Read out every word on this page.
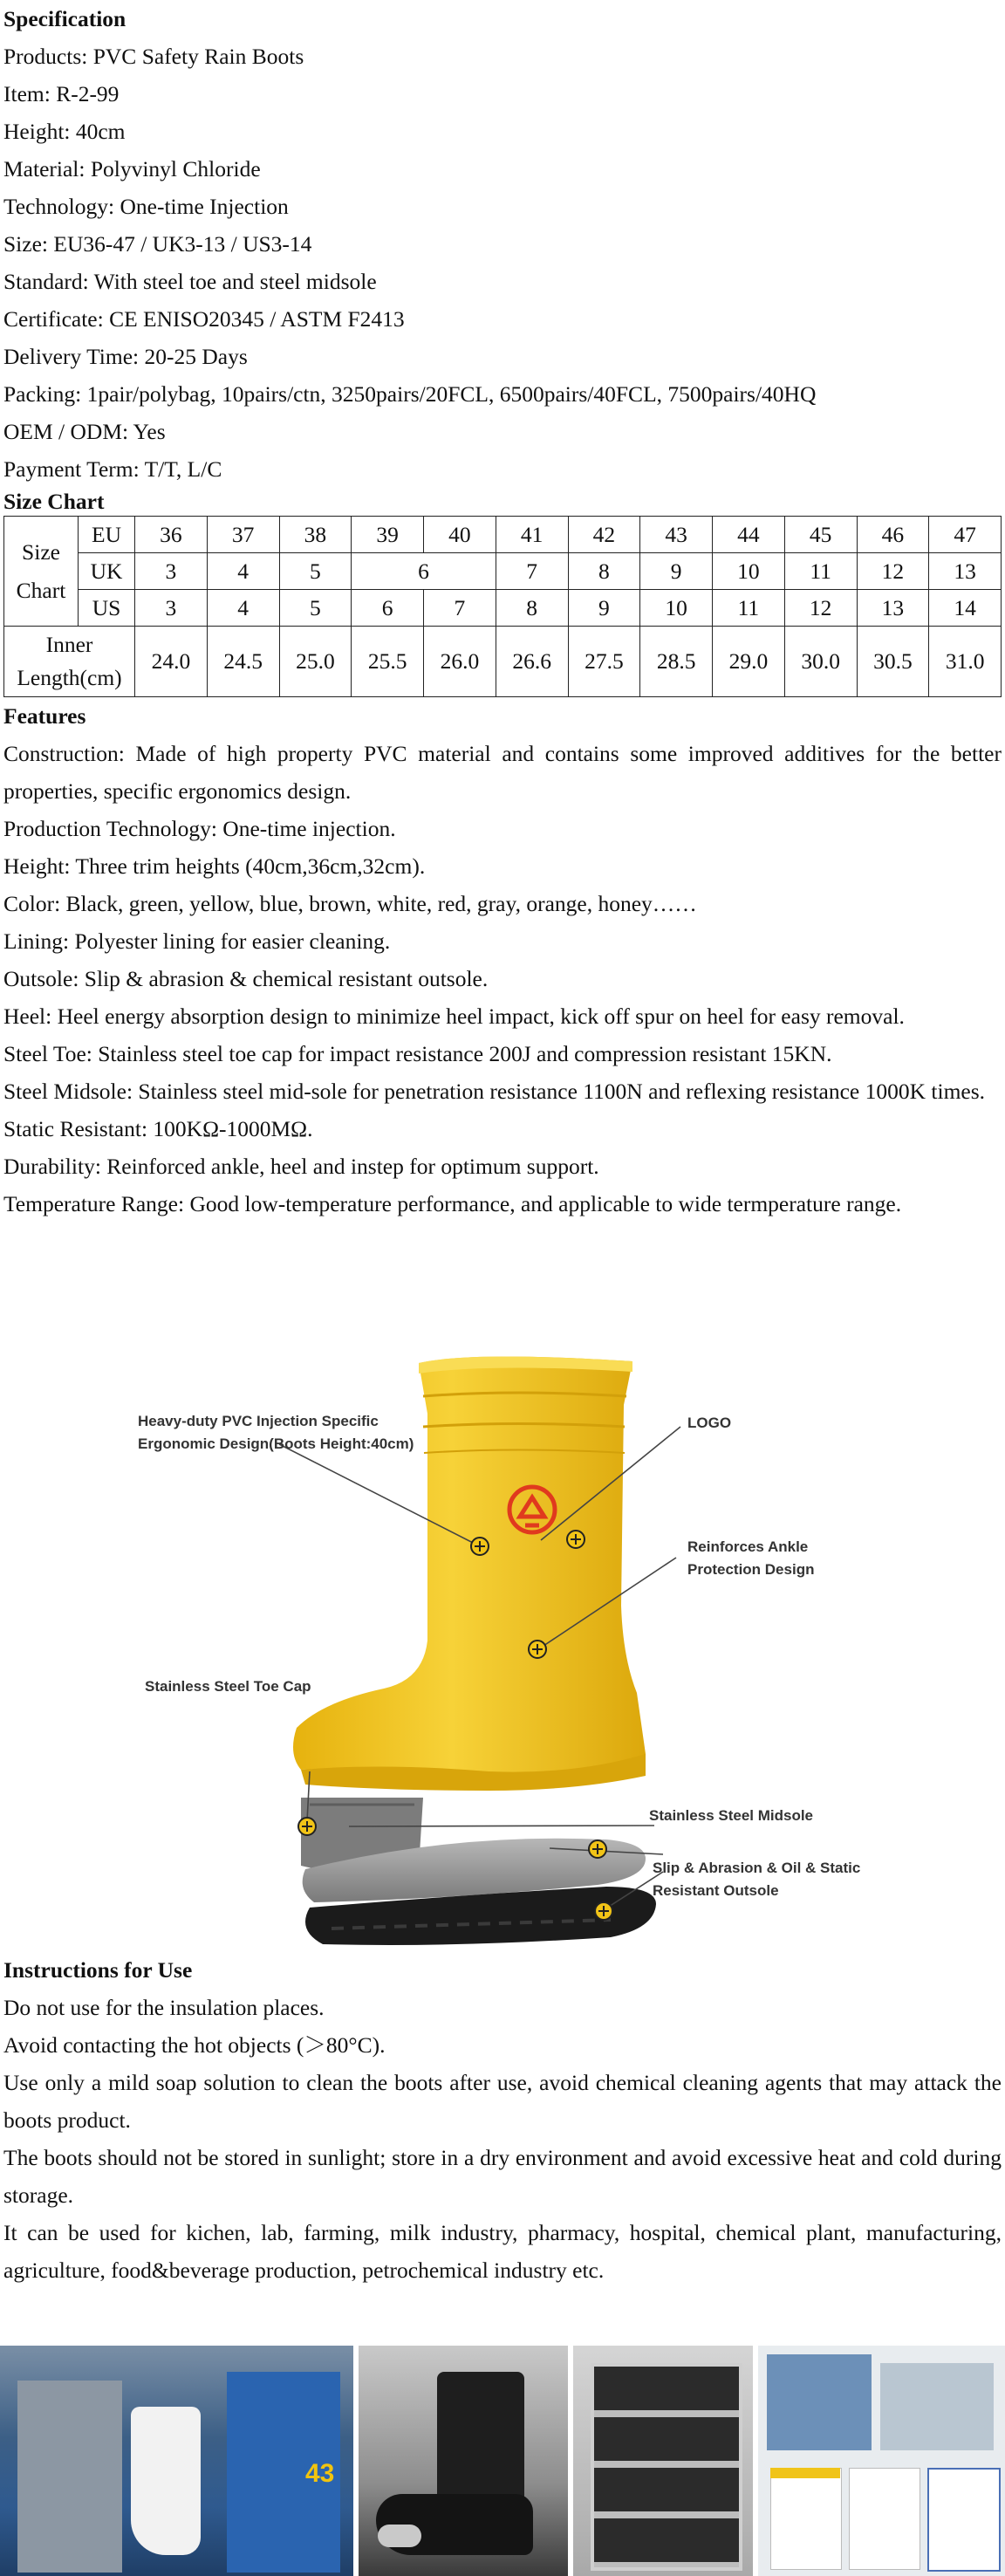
Specification
Products: PVC Safety Rain Boots
Item: R-2-99
Height: 40cm
Material: Polyvinyl Chloride
Technology: One-time Injection
Size: EU36-47 / UK3-13 / US3-14
Standard: With steel toe and steel midsole
Certificate: CE ENISO20345 / ASTM F2413
Delivery Time: 20-25 Days
Packing: 1pair/polybag, 10pairs/ctn, 3250pairs/20FCL, 6500pairs/40FCL, 7500pairs/40HQ
OEM / ODM: Yes
Payment Term: T/T, L/C
Size Chart
Size Chart	EU	36	37	38	39	40	41	42	43	44	45	46	47
	UK	3	4	5	6		7	8	9	10	11	12	13
	US	3	4	5	6	7	8	9	10	11	12	13	14
Inner Length(cm)		24.0	24.5	25.0	25.5	26.0	26.6	27.5	28.5	29.0	30.0	30.5	31.0
Features
Construction: Made of high property PVC material and contains some improved additives for the better properties, specific ergonomics design.
Production Technology: One-time injection.
Height: Three trim heights (40cm,36cm,32cm).
Color: Black, green, yellow, blue, brown, white, red, gray, orange, honey……
Lining: Polyester lining for easier cleaning.
Outsole: Slip & abrasion & chemical resistant outsole.
Heel: Heel energy absorption design to minimize heel impact, kick off spur on heel for easy removal.
Steel Toe: Stainless steel toe cap for impact resistance 200J and compression resistant 15KN.
Steel Midsole: Stainless steel mid-sole for penetration resistance 1100N and reflexing resistance 1000K times.
Static Resistant: 100KΩ-1000MΩ.
Durability: Reinforced ankle, heel and instep for optimum support.
Temperature Range: Good low-temperature performance, and applicable to wide termperature range.
Heavy-duty PVC Injection Specific
Ergonomic Design(Boots Height:40cm)
LOGO
Reinforces Ankle
Protection Design
Stainless Steel Toe Cap
Stainless Steel Midsole
Slip & Abrasion & Oil & Static
Resistant Outsole
Instructions for Use
Do not use for the insulation places.
Avoid contacting the hot objects (＞80°C).
Use only a mild soap solution to clean the boots after use, avoid chemical cleaning agents that may attack the boots product.
The boots should not be stored in sunlight; store in a dry environment and avoid excessive heat and cold during storage.
It can be used for kichen, lab, farming, milk industry, pharmacy, hospital, chemical plant, manufacturing, agriculture, food&beverage production, petrochemical industry etc.
43
